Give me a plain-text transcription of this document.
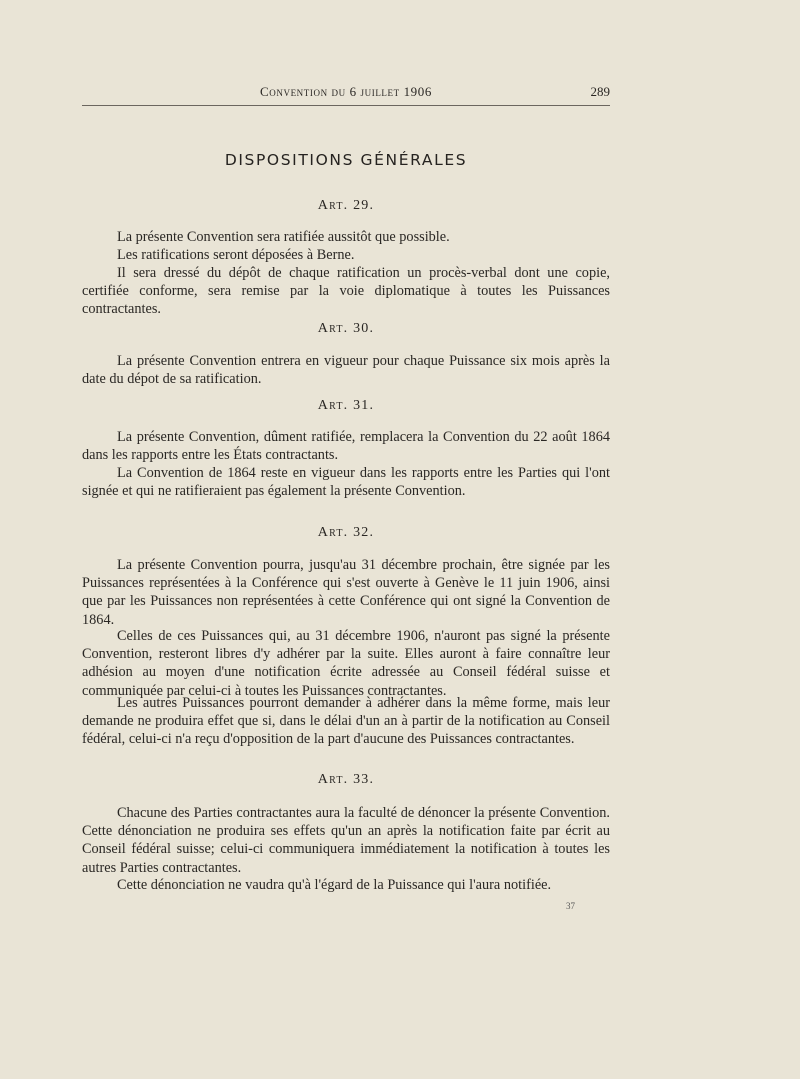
Convention du 6 juillet 1906	289
DISPOSITIONS GÉNÉRALES
Art. 29.

La présente Convention sera ratifiée aussitôt que possible.

Les ratifications seront déposées à Berne.

Il sera dressé du dépôt de chaque ratification un procès-verbal dont une copie, certifiée conforme, sera remise par la voie diplomatique à toutes les Puissances contractantes.

Art. 30.

La présente Convention entrera en vigueur pour chaque Puissance six mois après la date du dépot de sa ratification.

Art. 31.

La présente Convention, dûment ratifiée, remplacera la Convention du 22 août 1864 dans les rapports entre les États contractants.

La Convention de 1864 reste en vigueur dans les rapports entre les Parties qui l'ont signée et qui ne ratifieraient pas également la présente Convention.

Art. 32.

La présente Convention pourra, jusqu'au 31 décembre prochain, être signée par les Puissances représentées à la Conférence qui s'est ouverte à Genève le 11 juin 1906, ainsi que par les Puissances non représentées à cette Conférence qui ont signé la Convention de 1864.

Celles de ces Puissances qui, au 31 décembre 1906, n'auront pas signé la présente Convention, resteront libres d'y adhérer par la suite. Elles auront à faire connaître leur adhésion au moyen d'une notification écrite adressée au Conseil fédéral suisse et communiquée par celui-ci à toutes les Puissances contractantes.

Les autres Puissances pourront demander à adhérer dans la même forme, mais leur demande ne produira effet que si, dans le délai d'un an à partir de la notification au Conseil fédéral, celui-ci n'a reçu d'opposition de la part d'aucune des Puissances contractantes.

Art. 33.

Chacune des Parties contractantes aura la faculté de dénoncer la présente Convention. Cette dénonciation ne produira ses effets qu'un an après la notification faite par écrit au Conseil fédéral suisse; celui-ci communiquera immédiatement la notification à toutes les autres Parties contractantes.

Cette dénonciation ne vaudra qu'à l'égard de la Puissance qui l'aura notifiée.

37
